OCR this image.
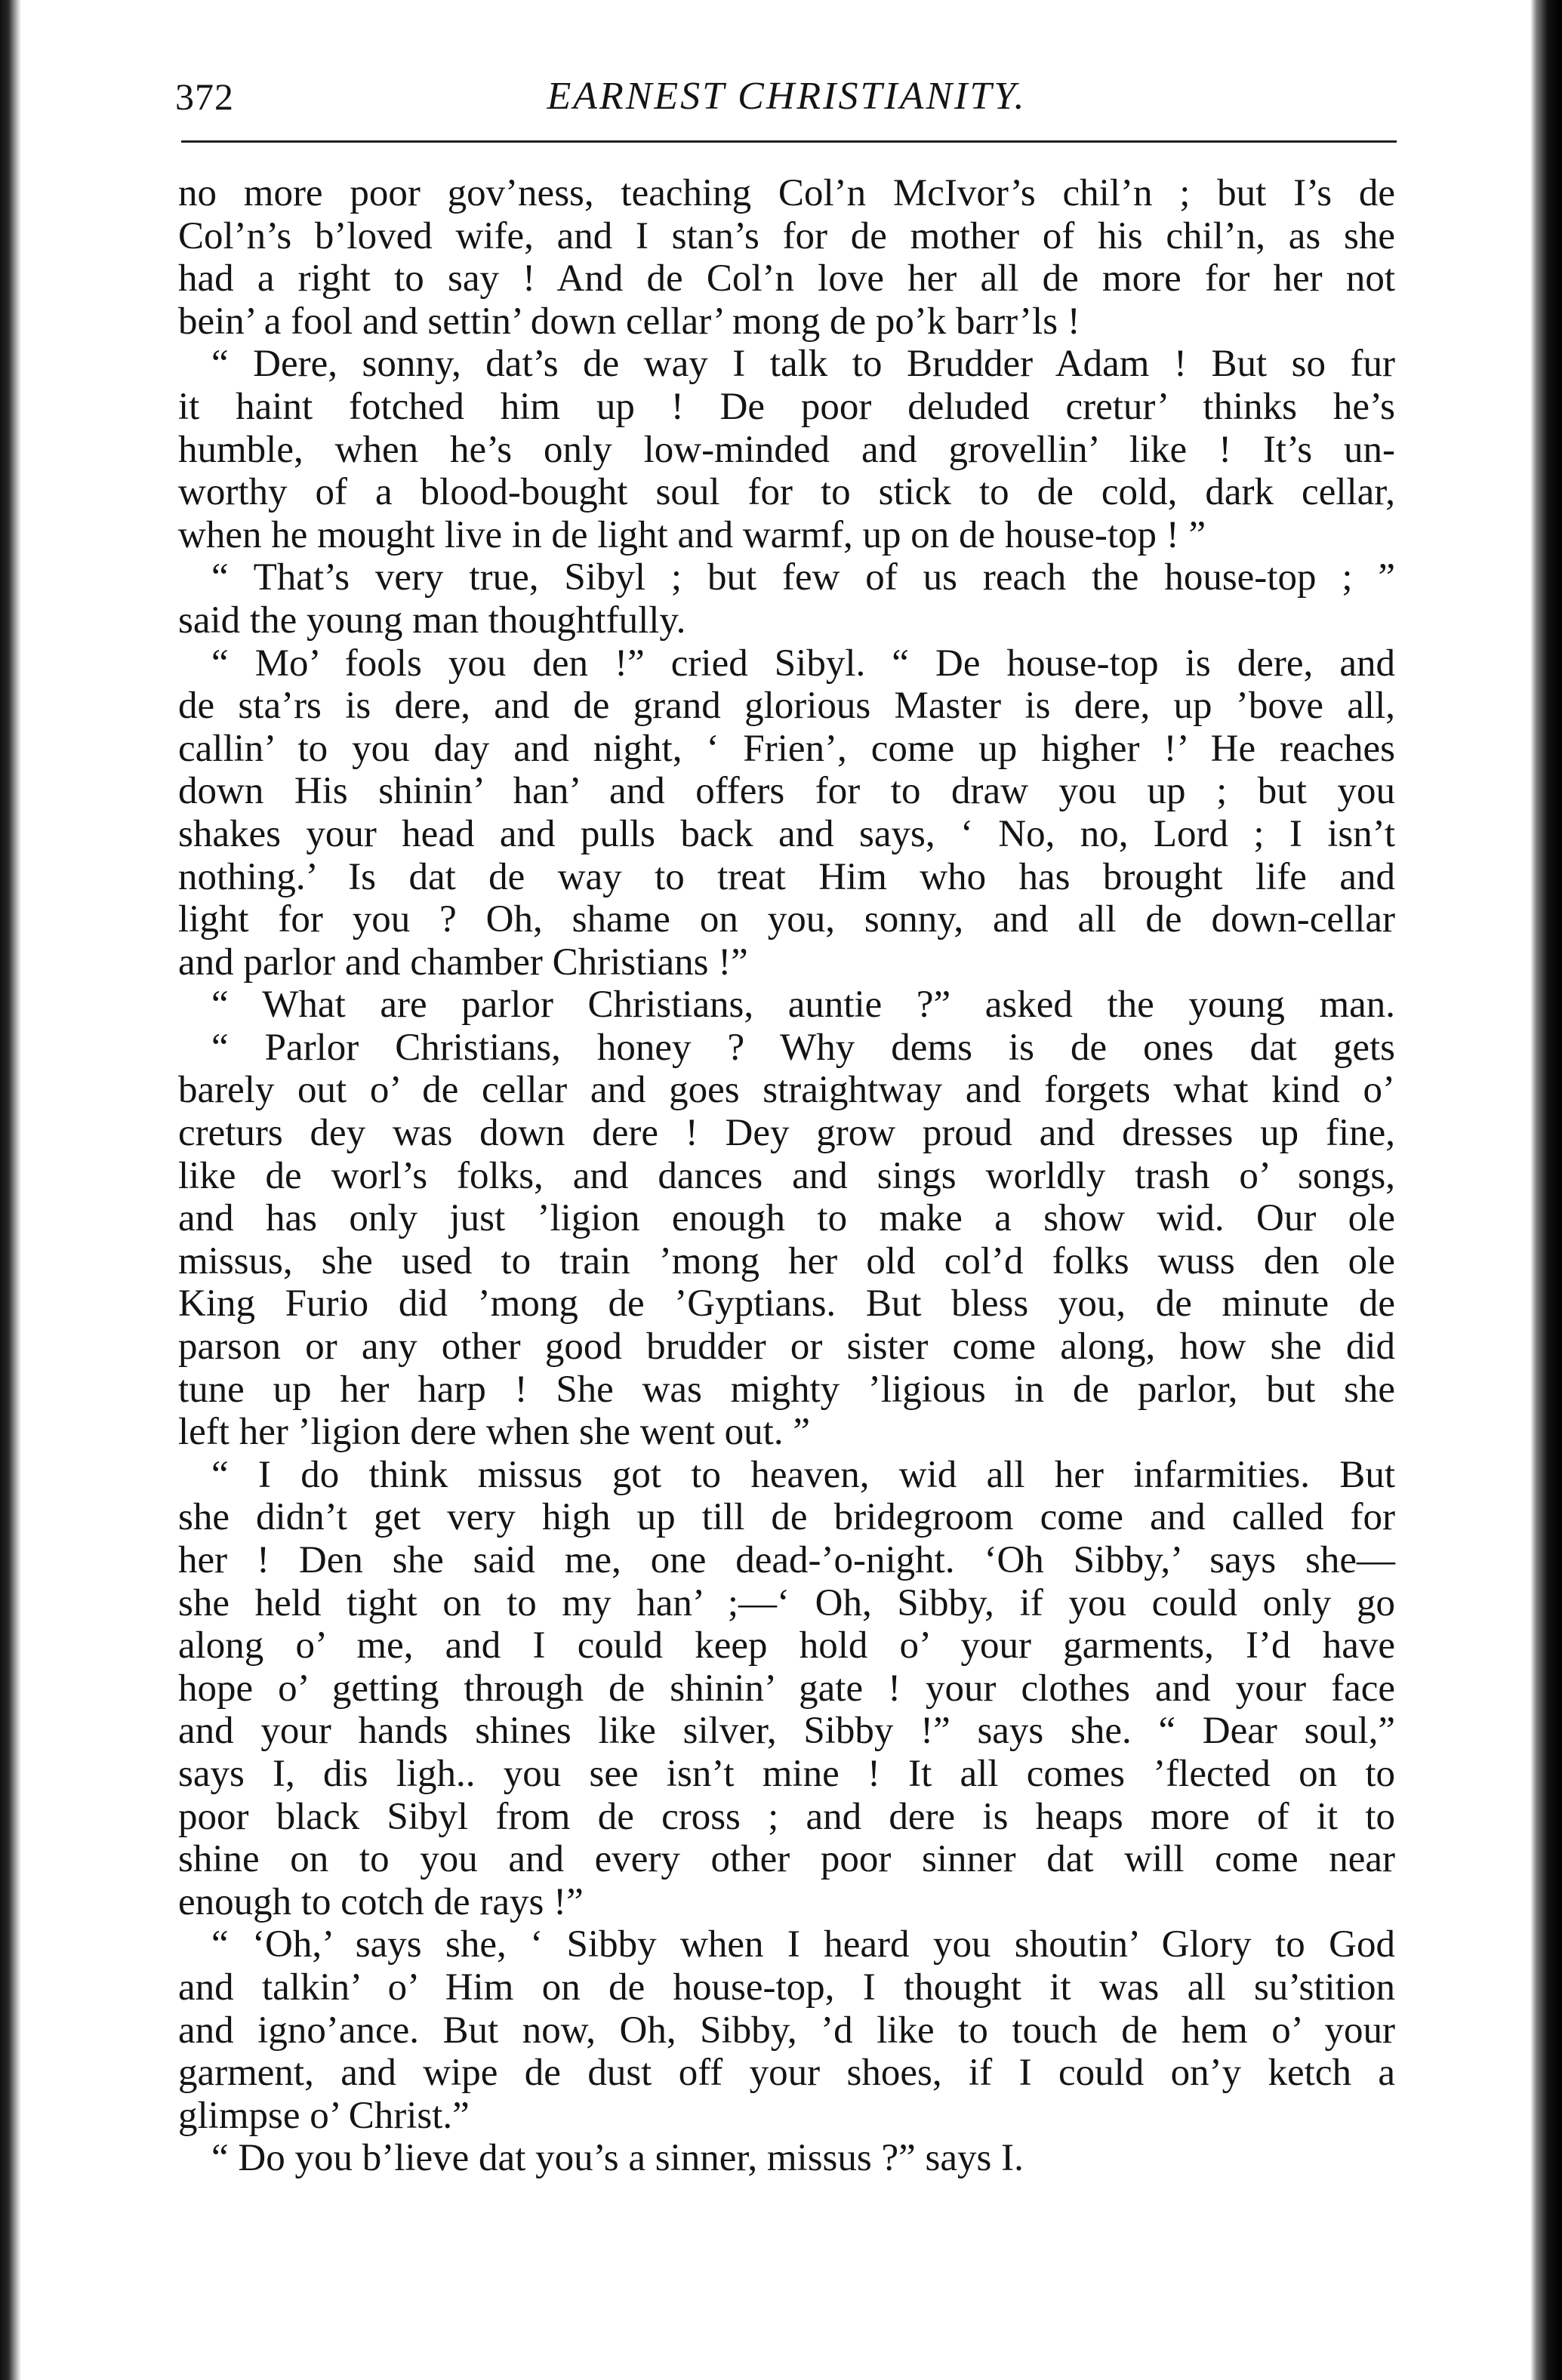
372	EARNEST CHRISTIANITY.
no more poor gov’ness, teaching Col’n McIvor’s chil’n ; but I’s de
Col’n’s b’loved wife, and I stan’s for de mother of his chil’n, as she
had a right to say ! And de Col’n love her all de more for her not
bein’ a fool and settin’ down cellar’ mong de po’k barr’ls !
“ Dere, sonny, dat’s de way I talk to Brudder Adam ! But so fur
it haint fotched him up ! De poor deluded cretur’ thinks he’s
humble, when he’s only low-minded and grovellin’ like ! It’s un-
worthy of a blood-bought soul for to stick to de cold, dark cellar,
when he mought live in de light and warmf, up on de house-top ! ”
“ That’s very true, Sibyl ; but few of us reach the house-top ; ”
said the young man thoughtfully.
“ Mo’ fools you den !” cried Sibyl. “ De house-top is dere, and
de sta’rs is dere, and de grand glorious Master is dere, up ’bove all,
callin’ to you day and night, ‘ Frien’, come up higher !’ He reaches
down His shinin’ han’ and offers for to draw you up ; but you
shakes your head and pulls back and says, ‘ No, no, Lord ; I isn’t
nothing.’ Is dat de way to treat Him who has brought life and
light for you ? Oh, shame on you, sonny, and all de down-cellar
and parlor and chamber Christians !”
“ What are parlor Christians, auntie ?” asked the young man.
“ Parlor Christians, honey ? Why dems is de ones dat gets
barely out o’ de cellar and goes straightway and forgets what kind o’
creturs dey was down dere ! Dey grow proud and dresses up fine,
like de worl’s folks, and dances and sings worldly trash o’ songs,
and has only just ’ligion enough to make a show wid. Our ole
missus, she used to train ’mong her old col’d folks wuss den ole
King Furio did ’mong de ’Gyptians. But bless you, de minute de
parson or any other good brudder or sister come along, how she did
tune up her harp ! She was mighty ’ligious in de parlor, but she
left her ’ligion dere when she went out. ”
“ I do think missus got to heaven, wid all her infarmities. But
she didn’t get very high up till de bridegroom come and called for
her ! Den she said me, one dead-’o-night. ‘Oh Sibby,’ says she—
she held tight on to my han’ ;—‘ Oh, Sibby, if you could only go
along o’ me, and I could keep hold o’ your garments, I’d have
hope o’ getting through de shinin’ gate ! your clothes and your face
and your hands shines like silver, Sibby !” says she. “ Dear soul,”
says I, dis ligh.. you see isn’t mine ! It all comes ’flected on to
poor black Sibyl from de cross ; and dere is heaps more of it to
shine on to you and every other poor sinner dat will come near
enough to cotch de rays !”
“ ‘Oh,’ says she, ‘ Sibby when I heard you shoutin’ Glory to God
and talkin’ o’ Him on de house-top, I thought it was all su’stition
and igno’ance. But now, Oh, Sibby, ’d like to touch de hem o’ your
garment, and wipe de dust off your shoes, if I could on’y ketch a
glimpse o’ Christ.”
“ Do you b’lieve dat you’s a sinner, missus ?” says I.
